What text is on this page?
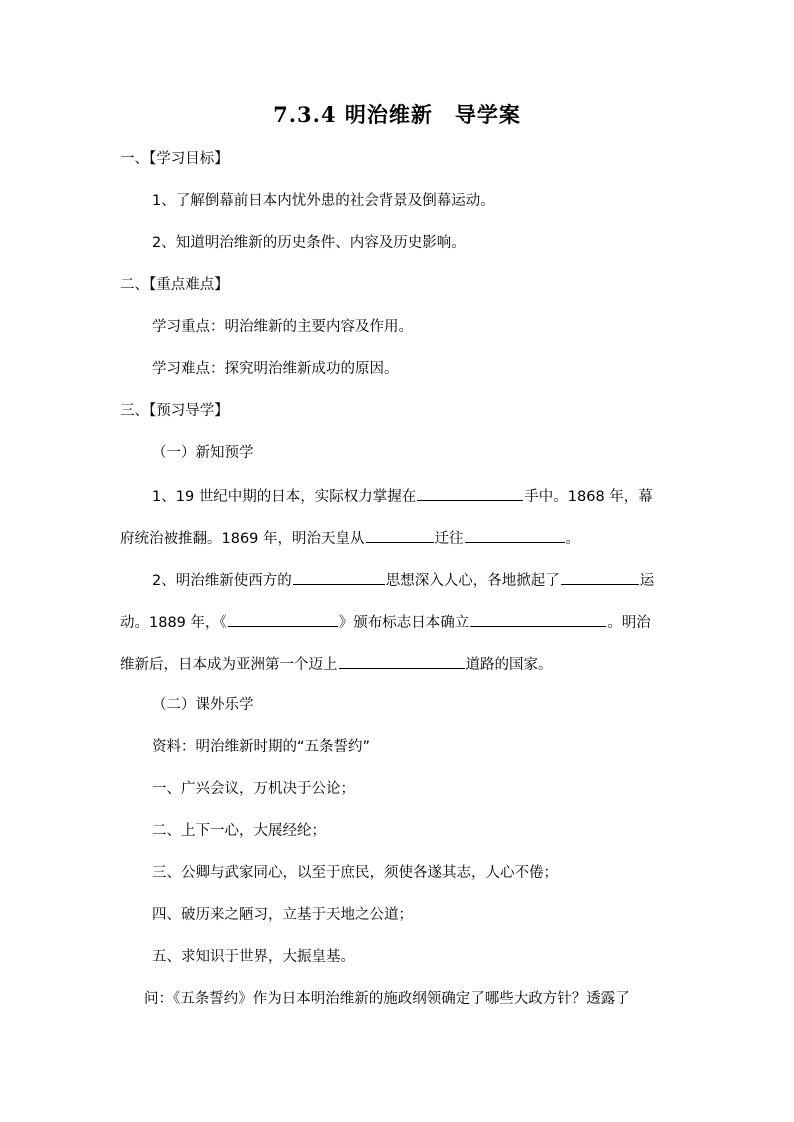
7.3.4 明治维新　导学案
一、【学习目标】
1、了解倒幕前日本内忧外患的社会背景及倒幕运动。
2、知道明治维新的历史条件、内容及历史影响。
二、【重点难点】
学习重点：明治维新的主要内容及作用。
学习难点：探究明治维新成功的原因。
三、【预习导学】
（一）新知预学
1、19 世纪中期的日本，实际权力掌握在	手中。1868 年，幕
府统治被推翻。1869 年，明治天皇从	迁往	。
2、明治维新使西方的	思想深入人心，各地掀起了	运
动。1889 年，《	》颁布标志日本确立	。明治
维新后，日本成为亚洲第一个迈上	道路的国家。
（二）课外乐学
资料：明治维新时期的“五条誓约”
一、广兴会议，万机决于公论；
二、上下一心，大展经纶；
三、公卿与武家同心，以至于庶民，须使各遂其志，人心不倦；
四、破历来之陋习，立基于天地之公道；
五、求知识于世界，大振皇基。
问：《五条誓约》作为日本明治维新的施政纲领确定了哪些大政方针？透露了
